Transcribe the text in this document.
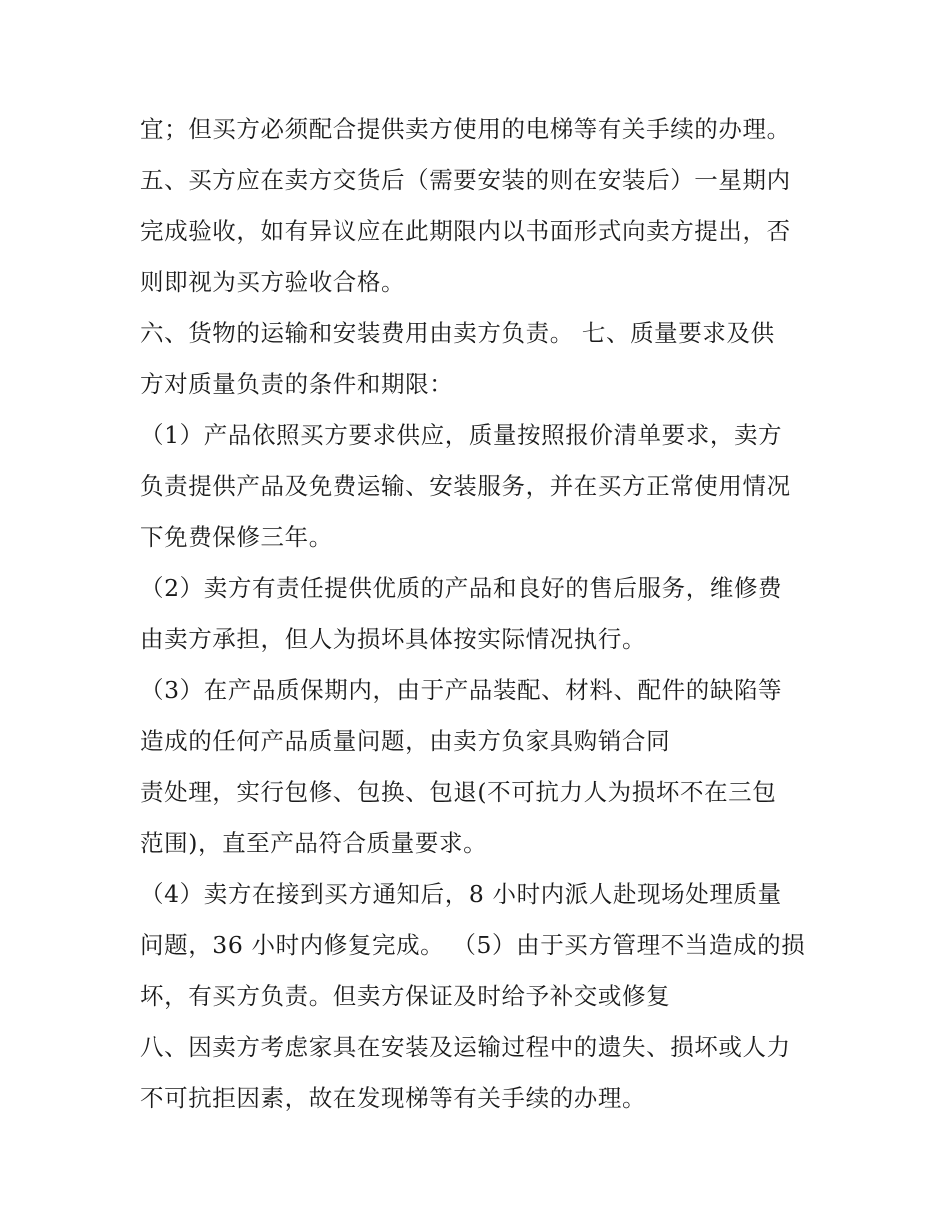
宜；但买方必须配合提供卖方使用的电梯等有关手续的办理。

五、买方应在卖方交货后（需要安装的则在安装后）一星期内

完成验收，如有异议应在此期限内以书面形式向卖方提出，否

则即视为买方验收合格。

六、货物的运输和安装费用由卖方负责。 七、质量要求及供

方对质量负责的条件和期限：

（1）产品依照买方要求供应，质量按照报价清单要求，卖方

负责提供产品及免费运输、安装服务，并在买方正常使用情况

下免费保修三年。

（2）卖方有责任提供优质的产品和良好的售后服务，维修费

由卖方承担，但人为损坏具体按实际情况执行。

（3）在产品质保期内，由于产品装配、材料、配件的缺陷等

造成的任何产品质量问题，由卖方负家具购销合同

责处理，实行包修、包换、包退(不可抗力人为损坏不在三包

范围)，直至产品符合质量要求。

（4）卖方在接到买方通知后，8 小时内派人赴现场处理质量

问题，36 小时内修复完成。 （5）由于买方管理不当造成的损

坏，有买方负责。但卖方保证及时给予补交或修复

八、因卖方考虑家具在安装及运输过程中的遗失、损坏或人力

不可抗拒因素，故在发现梯等有关手续的办理。
